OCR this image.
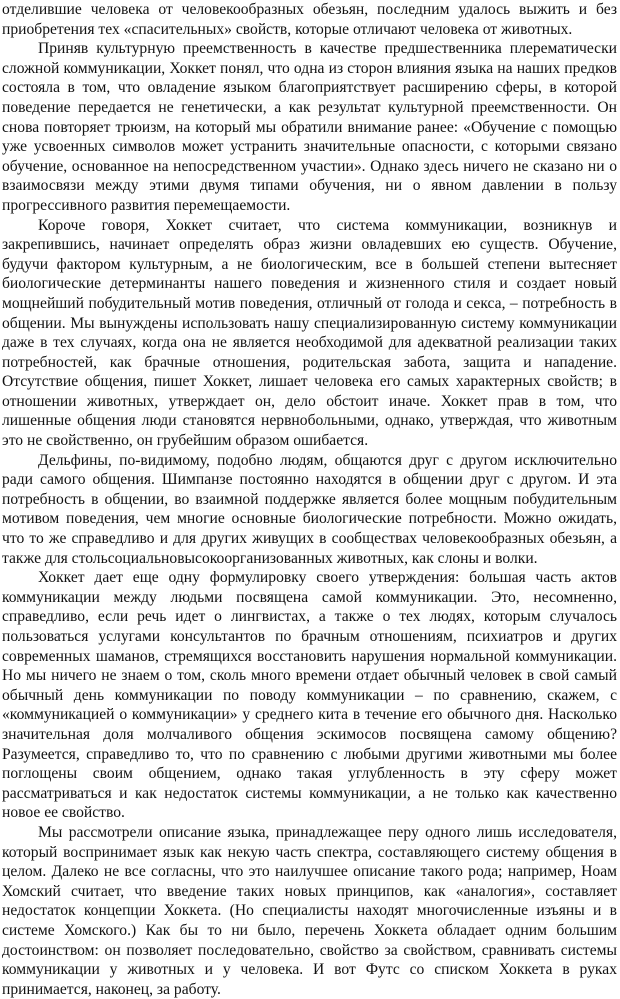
отделившие человека от человекообразных обезьян, последним удалось выжить и без приобретения тех «спасительных» свойств, которые отличают человека от животных.

Приняв культурную преемственность в качестве предшественника плерематически сложной коммуникации, Хоккет понял, что одна из сторон влияния языка на наших предков состояла в том, что овладение языком благоприятствует расширению сферы, в которой поведение передается не генетически, а как результат культурной преемственности. Он снова повторяет трюизм, на который мы обратили внимание ранее: «Обучение с помощью уже усвоенных символов может устранить значительные опасности, с которыми связано обучение, основанное на непосредственном участии». Однако здесь ничего не сказано ни о взаимосвязи между этими двумя типами обучения, ни о явном давлении в пользу прогрессивного развития перемещаемости.

Короче говоря, Хоккет считает, что система коммуникации, возникнув и закрепившись, начинает определять образ жизни овладевших ею существ. Обучение, будучи фактором культурным, а не биологическим, все в большей степени вытесняет биологические детерминанты нашего поведения и жизненного стиля и создает новый мощнейший побудительный мотив поведения, отличный от голода и секса, – потребность в общении. Мы вынуждены использовать нашу специализированную систему коммуникации даже в тех случаях, когда она не является необходимой для адекватной реализации таких потребностей, как брачные отношения, родительская забота, защита и нападение. Отсутствие общения, пишет Хоккет, лишает человека его самых характерных свойств; в отношении животных, утверждает он, дело обстоит иначе. Хоккет прав в том, что лишенные общения люди становятся нервнобольными, однако, утверждая, что животным это не свойственно, он грубейшим образом ошибается.

Дельфины, по-видимому, подобно людям, общаются друг с другом исключительно ради самого общения. Шимпанзе постоянно находятся в общении друг с другом. И эта потребность в общении, во взаимной поддержке является более мощным побудительным мотивом поведения, чем многие основные биологические потребности. Можно ожидать, что то же справедливо и для других живущих в сообществах человекообразных обезьян, а также для стольсоциальновысокоорганизованных животных, как слоны и волки.

Хоккет дает еще одну формулировку своего утверждения: большая часть актов коммуникации между людьми посвящена самой коммуникации. Это, несомненно, справедливо, если речь идет о лингвистах, а также о тех людях, которым случалось пользоваться услугами консультантов по брачным отношениям, психиатров и других современных шаманов, стремящихся восстановить нарушения нормальной коммуникации. Но мы ничего не знаем о том, сколь много времени отдает обычный человек в свой самый обычный день коммуникации по поводу коммуникации – по сравнению, скажем, с «коммуникацией о коммуникации» у среднего кита в течение его обычного дня. Насколько значительная доля молчаливого общения эскимосов посвящена самому общению? Разумеется, справедливо то, что по сравнению с любыми другими животными мы более поглощены своим общением, однако такая углубленность в эту сферу может рассматриваться и как недостаток системы коммуникации, а не только как качественно новое ее свойство.

Мы рассмотрели описание языка, принадлежащее перу одного лишь исследователя, который воспринимает язык как некую часть спектра, составляющего систему общения в целом. Далеко не все согласны, что это наилучшее описание такого рода; например, Ноам Хомский считает, что введение таких новых принципов, как «аналогия», составляет недостаток концепции Хоккета. (Но специалисты находят многочисленные изъяны и в системе Хомского.) Как бы то ни было, перечень Хоккета обладает одним большим достоинством: он позволяет последовательно, свойство за свойством, сравнивать системы коммуникации у животных и у человека. И вот Футс со списком Хоккета в руках принимается, наконец, за работу.
